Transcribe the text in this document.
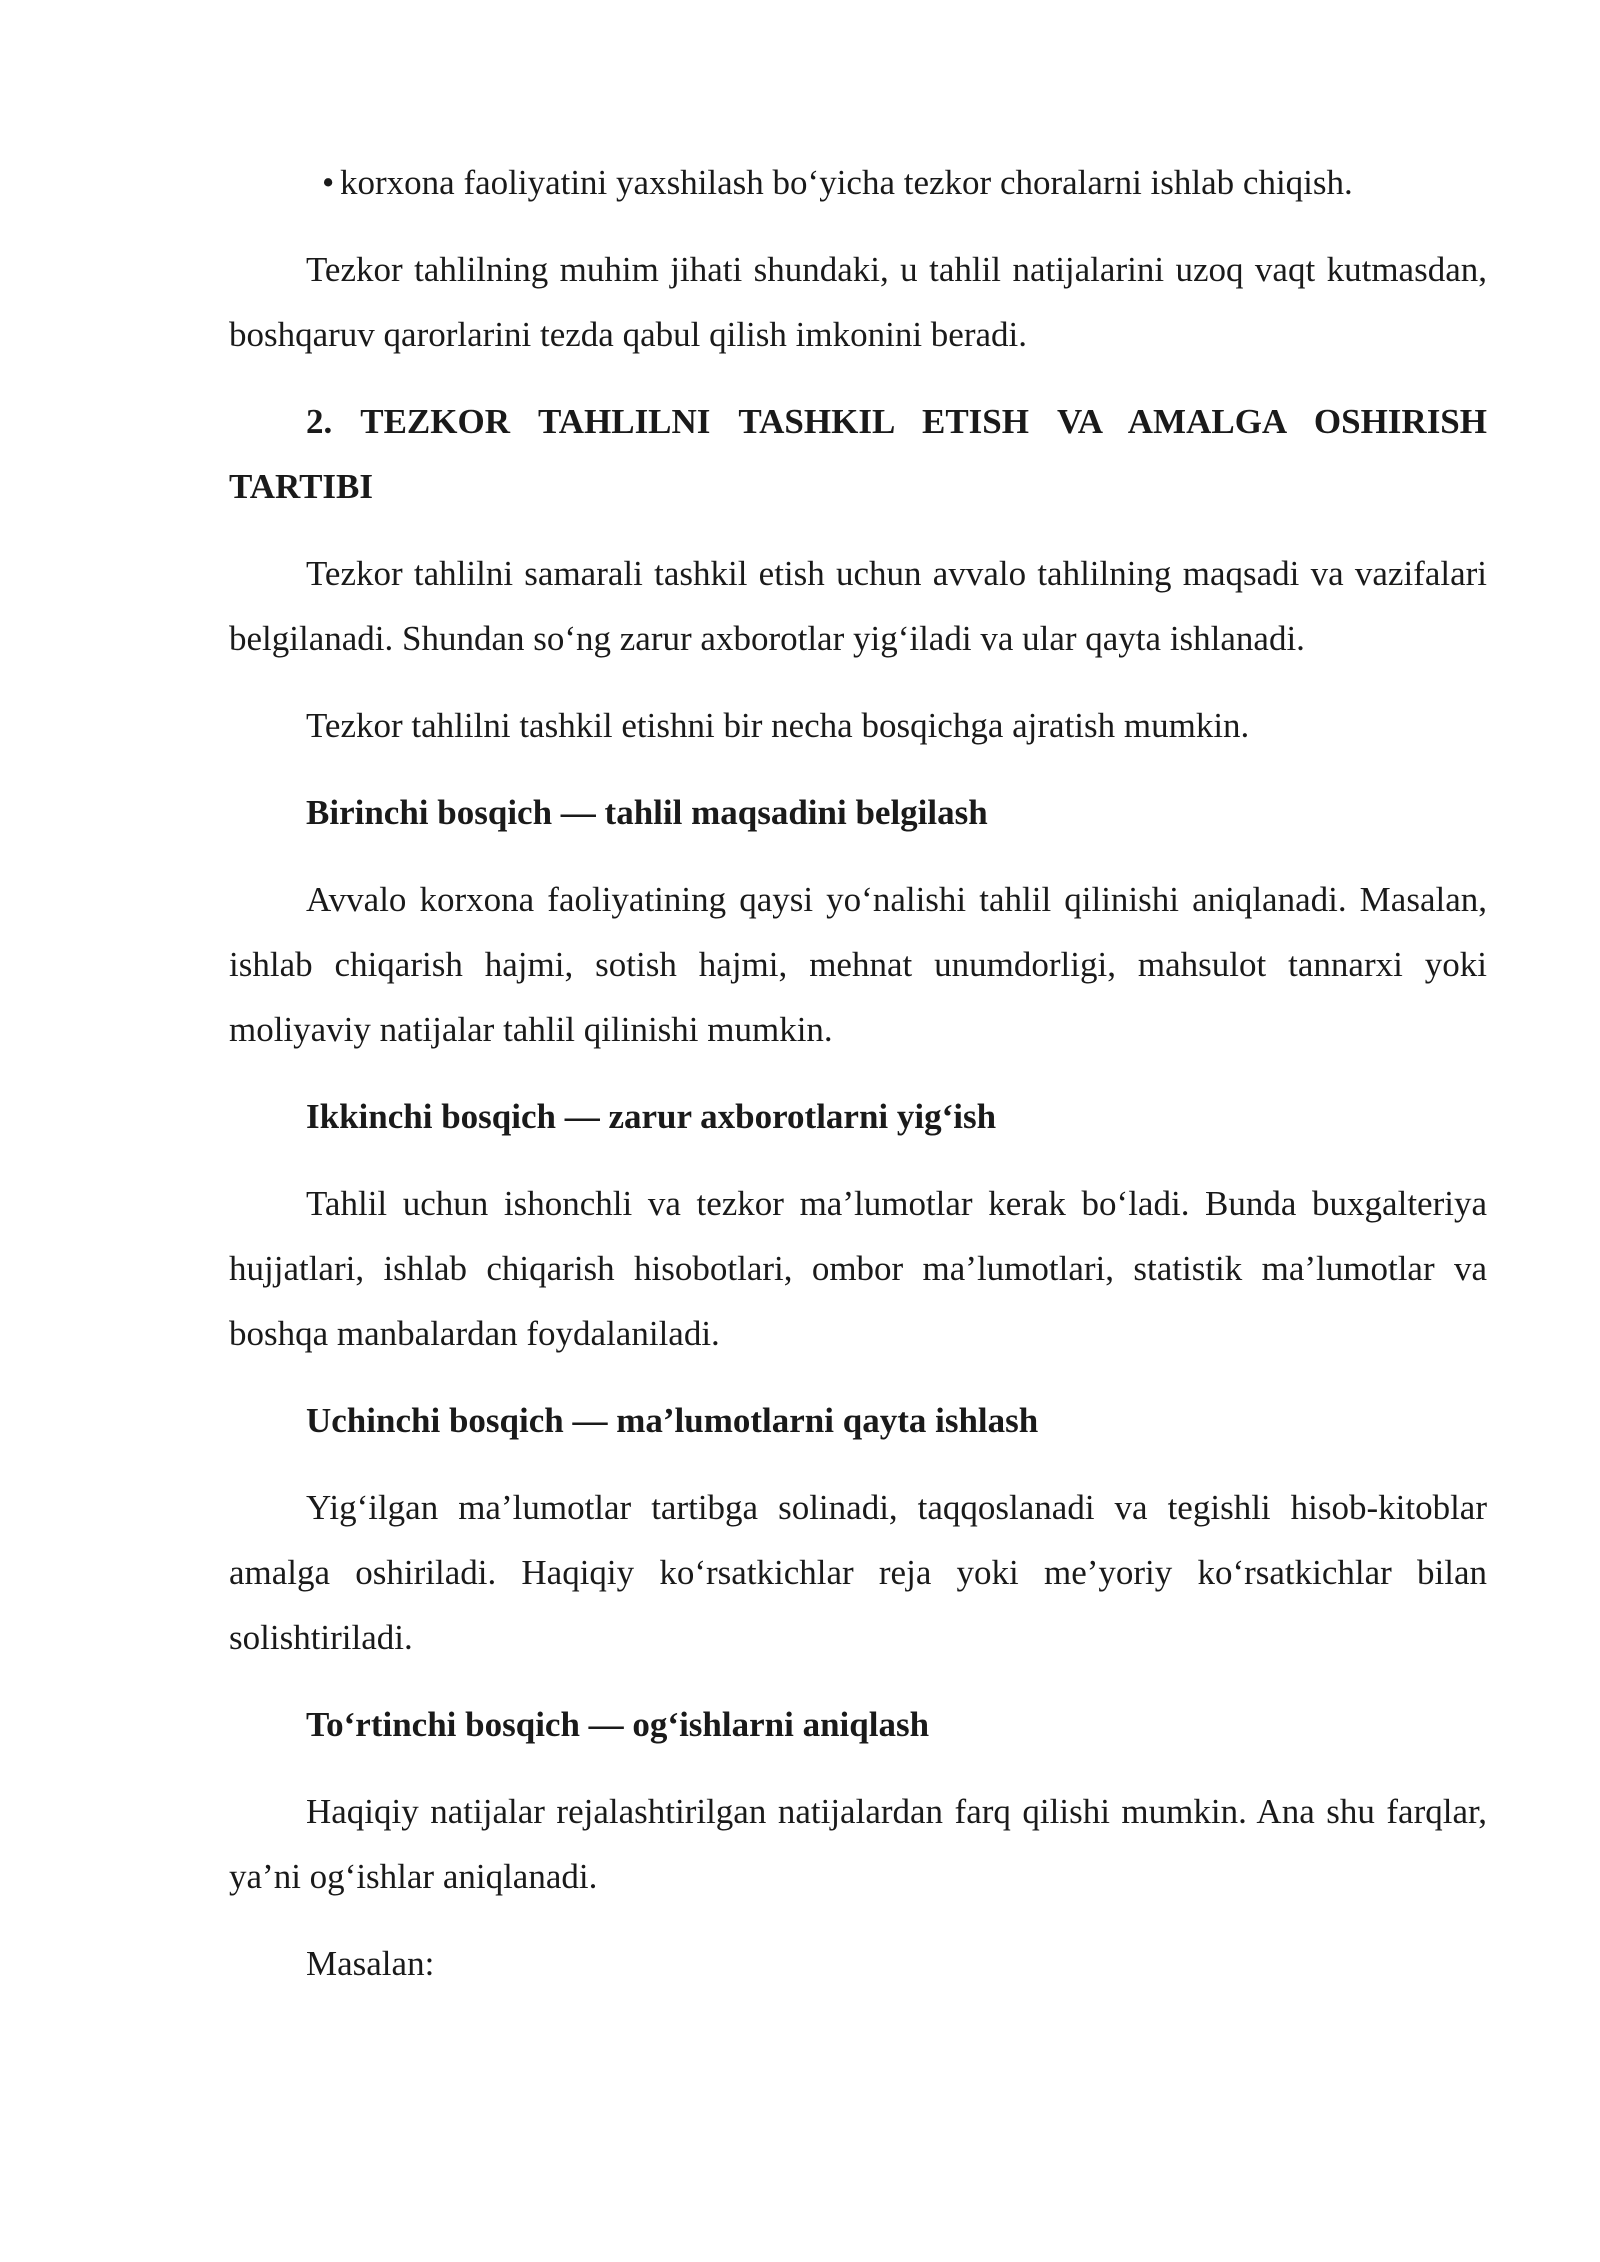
• korxona faoliyatini yaxshilash bo‘yicha tezkor choralarni ishlab chiqish.

Tezkor tahlilning muhim jihati shundaki, u tahlil natijalarini uzoq vaqt kutmasdan, boshqaruv qarorlarini tezda qabul qilish imkonini beradi.

2. TEZKOR TAHLILNI TASHKIL ETISH VA AMALGA OSHIRISH TARTIBI

Tezkor tahlilni samarali tashkil etish uchun avvalo tahlilning maqsadi va vazifalari belgilanadi. Shundan so‘ng zarur axborotlar yig‘iladi va ular qayta ishlanadi.

Tezkor tahlilni tashkil etishni bir necha bosqichga ajratish mumkin.

Birinchi bosqich — tahlil maqsadini belgilash

Avvalo korxona faoliyatining qaysi yo‘nalishi tahlil qilinishi aniqlanadi. Masalan, ishlab chiqarish hajmi, sotish hajmi, mehnat unumdorligi, mahsulot tannarxi yoki moliyaviy natijalar tahlil qilinishi mumkin.

Ikkinchi bosqich — zarur axborotlarni yig‘ish

Tahlil uchun ishonchli va tezkor ma’lumotlar kerak bo‘ladi. Bunda buxgalteriya hujjatlari, ishlab chiqarish hisobotlari, ombor ma’lumotlari, statistik ma’lumotlar va boshqa manbalardan foydalaniladi.

Uchinchi bosqich — ma’lumotlarni qayta ishlash

Yig‘ilgan ma’lumotlar tartibga solinadi, taqqoslanadi va tegishli hisob-kitoblar amalga oshiriladi. Haqiqiy ko‘rsatkichlar reja yoki me’yoriy ko‘rsatkichlar bilan solishtiriladi.

To‘rtinchi bosqich — og‘ishlarni aniqlash

Haqiqiy natijalar rejalashtirilgan natijalardan farq qilishi mumkin. Ana shu farqlar, ya’ni og‘ishlar aniqlanadi.

Masalan:
